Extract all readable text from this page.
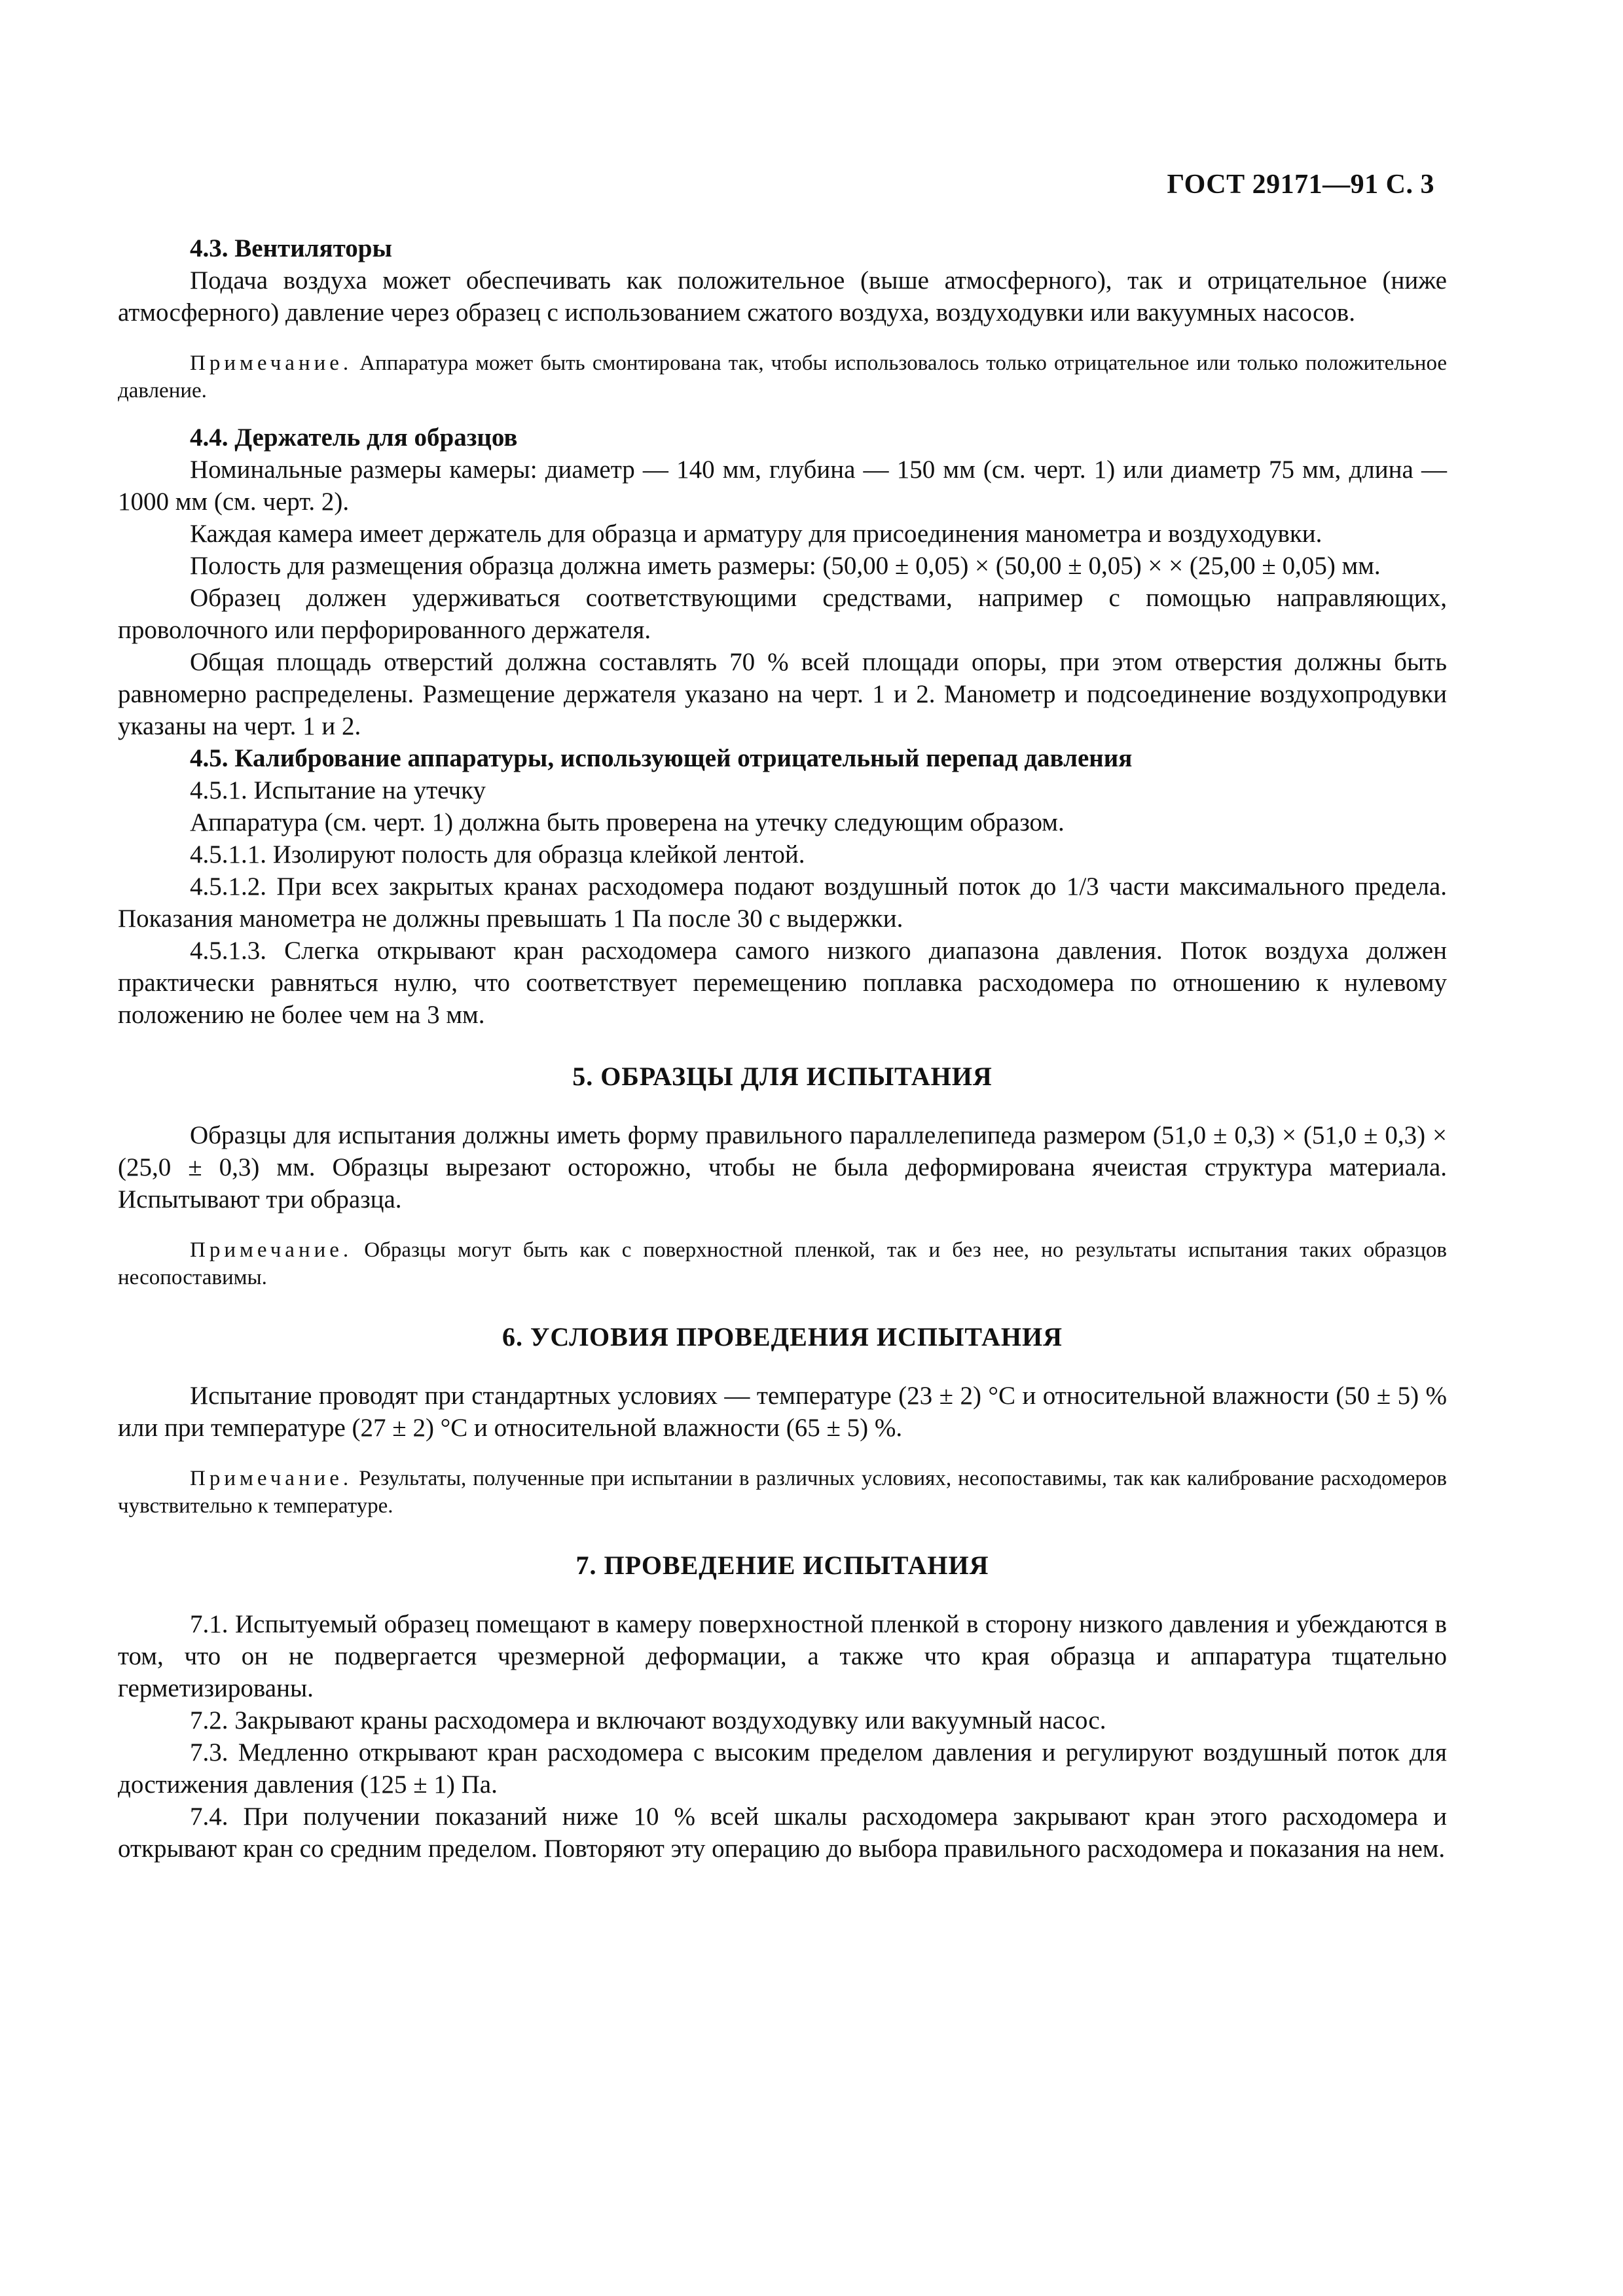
ГОСТ 29171—91 С. 3

4.3. Вентиляторы

Подача воздуха может обеспечивать как положительное (выше атмосферного), так и отрицательное (ниже атмосферного) давление через образец с использованием сжатого воздуха, воздуходувки или вакуумных насосов.

Примечание. Аппаратура может быть смонтирована так, чтобы использовалось только отрицательное или только положительное давление.

4.4. Держатель для образцов

Номинальные размеры камеры: диаметр — 140 мм, глубина — 150 мм (см. черт. 1) или диаметр 75 мм, длина — 1000 мм (см. черт. 2).

Каждая камера имеет держатель для образца и арматуру для присоединения манометра и воздуходувки.

Полость для размещения образца должна иметь размеры: (50,00 ± 0,05) × (50,00 ± 0,05) × × (25,00 ± 0,05) мм.

Образец должен удерживаться соответствующими средствами, например с помощью направляющих, проволочного или перфорированного держателя.

Общая площадь отверстий должна составлять 70 % всей площади опоры, при этом отверстия должны быть равномерно распределены. Размещение держателя указано на черт. 1 и 2. Манометр и подсоединение воздухопродувки указаны на черт. 1 и 2.

4.5. Калибрование аппаратуры, использующей отрицательный перепад давления

4.5.1. Испытание на утечку

Аппаратура (см. черт. 1) должна быть проверена на утечку следующим образом.

4.5.1.1. Изолируют полость для образца клейкой лентой.

4.5.1.2. При всех закрытых кранах расходомера подают воздушный поток до 1/3 части максимального предела. Показания манометра не должны превышать 1 Па после 30 с выдержки.

4.5.1.3. Слегка открывают кран расходомера самого низкого диапазона давления. Поток воздуха должен практически равняться нулю, что соответствует перемещению поплавка расходомера по отношению к нулевому положению не более чем на 3 мм.

5. ОБРАЗЦЫ ДЛЯ ИСПЫТАНИЯ

Образцы для испытания должны иметь форму правильного параллелепипеда размером (51,0 ± 0,3) × (51,0 ± 0,3) × (25,0 ± 0,3) мм. Образцы вырезают осторожно, чтобы не была деформирована ячеистая структура материала. Испытывают три образца.

Примечание. Образцы могут быть как с поверхностной пленкой, так и без нее, но результаты испытания таких образцов несопоставимы.

6. УСЛОВИЯ ПРОВЕДЕНИЯ ИСПЫТАНИЯ

Испытание проводят при стандартных условиях — температуре (23 ± 2) °С и относительной влажности (50 ± 5) % или при температуре (27 ± 2) °С и относительной влажности (65 ± 5) %.

Примечание. Результаты, полученные при испытании в различных условиях, несопоставимы, так как калибрование расходомеров чувствительно к температуре.

7. ПРОВЕДЕНИЕ ИСПЫТАНИЯ

7.1. Испытуемый образец помещают в камеру поверхностной пленкой в сторону низкого давления и убеждаются в том, что он не подвергается чрезмерной деформации, а также что края образца и аппаратура тщательно герметизированы.

7.2. Закрывают краны расходомера и включают воздуходувку или вакуумный насос.

7.3. Медленно открывают кран расходомера с высоким пределом давления и регулируют воздушный поток для достижения давления (125 ± 1) Па.

7.4. При получении показаний ниже 10 % всей шкалы расходомера закрывают кран этого расходомера и открывают кран со средним пределом. Повторяют эту операцию до выбора правильного расходомера и показания на нем.
